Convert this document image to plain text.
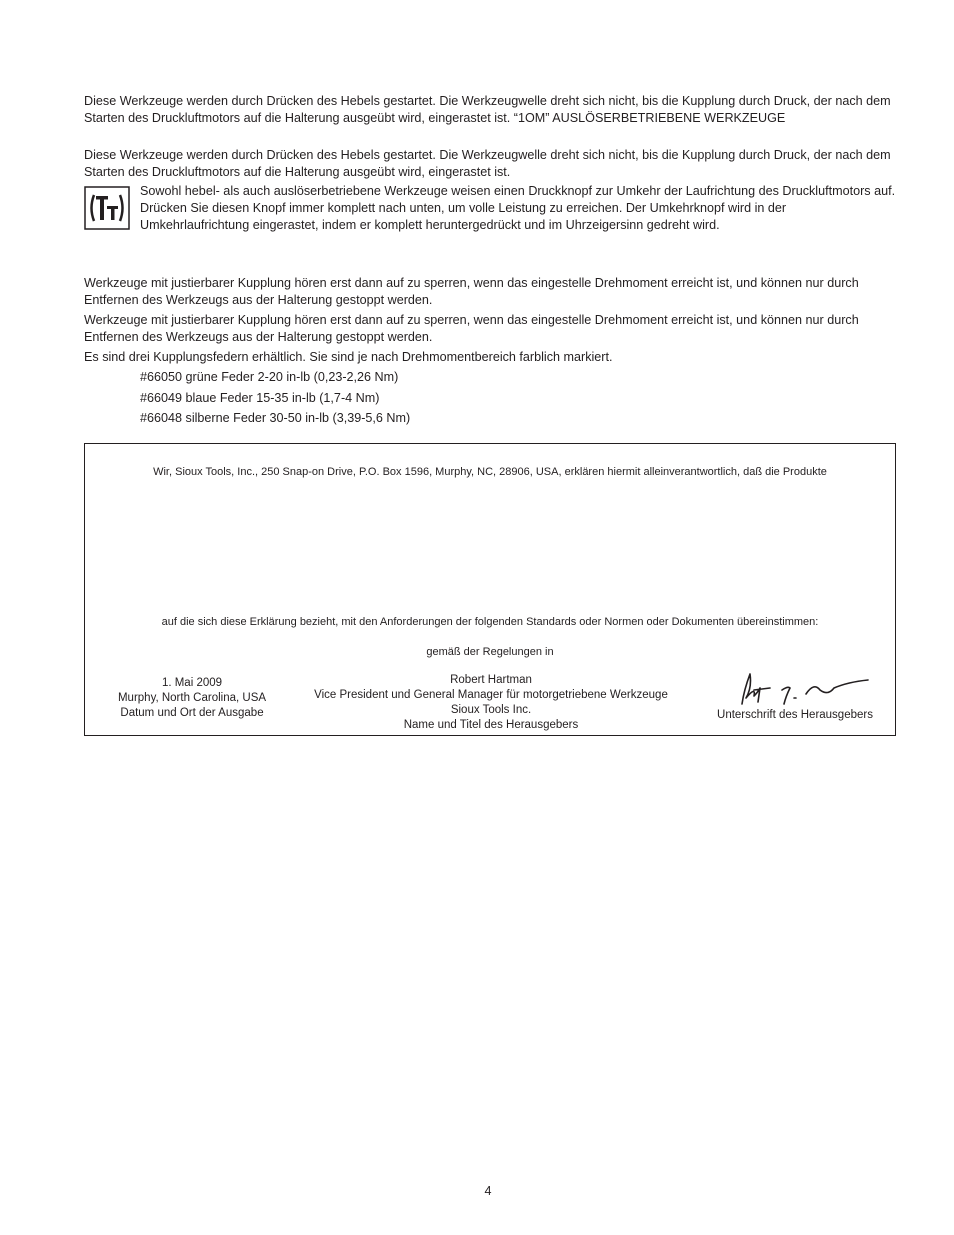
Diese Werkzeuge werden durch Drücken des Hebels gestartet. Die Werkzeugwelle dreht sich nicht, bis die Kupplung durch Druck, der nach dem Starten des Druckluftmotors auf die Halterung ausgeübt wird, eingerastet ist. “1OM” AUSLÖSERBETRIEBENE WERKZEUGE

Diese Werkzeuge werden durch Drücken des Hebels gestartet. Die Werkzeugwelle dreht sich nicht, bis die Kupplung durch Druck, der nach dem Starten des Druckluftmotors auf die Halterung ausgeübt wird, eingerastet ist.

Sowohl hebel- als auch auslöserbetriebene Werkzeuge weisen einen Druckknopf zur Umkehr der Laufrichtung des Druckluftmotors auf. Drücken Sie diesen Knopf immer komplett nach unten, um volle Leistung zu erreichen. Der Umkehrknopf wird in der Umkehrlaufrichtung eingerastet, indem er komplett heruntergedrückt und im Uhrzeigersinn gedreht wird.

Werkzeuge mit justierbarer Kupplung hören erst dann auf zu sperren, wenn das eingestelle Drehmoment erreicht ist, und können nur durch Entfernen des Werkzeugs aus der Halterung gestoppt werden.

Werkzeuge mit justierbarer Kupplung hören erst dann auf zu sperren, wenn das eingestelle Drehmoment erreicht ist, und können nur durch Entfernen des Werkzeugs aus der Halterung gestoppt werden.

Es sind drei Kupplungsfedern erhältlich. Sie sind je nach Drehmomentbereich farblich markiert.

#66050 grüne Feder 2-20 in-lb (0,23-2,26 Nm)

#66049 blaue Feder 15-35 in-lb (1,7-4 Nm)

#66048 silberne Feder 30-50 in-lb (3,39-5,6 Nm)

Wir, Sioux Tools, Inc., 250 Snap-on Drive, P.O. Box 1596, Murphy, NC, 28906, USA, erklären hiermit alleinverantwortlich, daß die Produkte
auf die sich diese Erklärung bezieht, mit den Anforderungen der folgenden Standards oder Normen oder Dokumenten übereinstimmen:
gemäß der Regelungen in
1. Mai 2009
Murphy, North Carolina, USA
Datum und Ort der Ausgabe
Robert Hartman
Vice President und General Manager für motorgetriebene Werkzeuge
Sioux Tools Inc.
Name und Titel des Herausgebers
Unterschrift des Herausgebers
4
